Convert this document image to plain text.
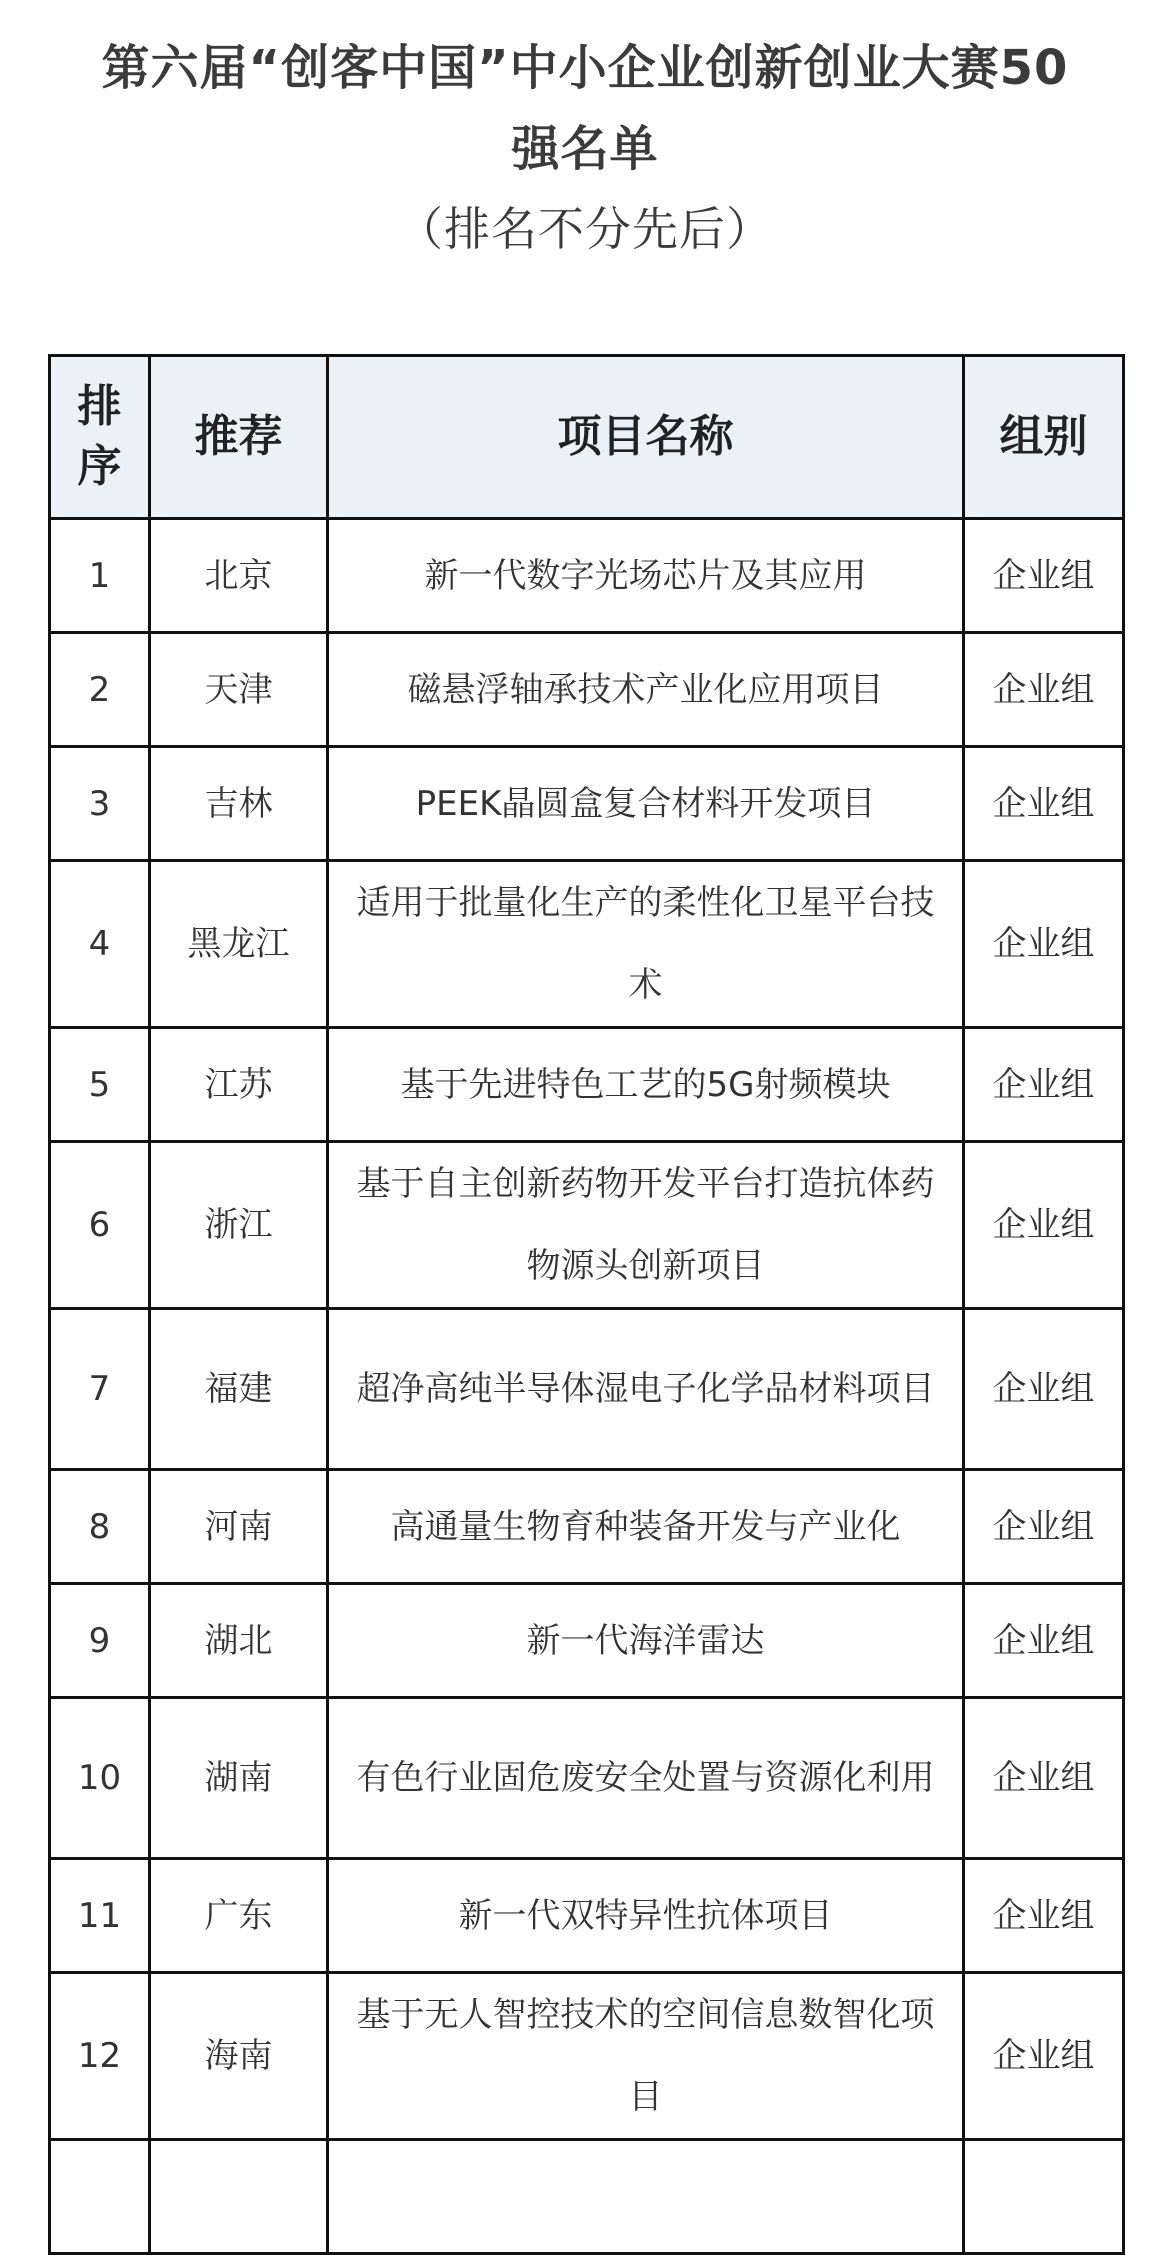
第六届“创客中国”中小企业创新创业大赛50
强名单
（排名不分先后）
排序	推荐	项目名称	组别
1	北京	新一代数字光场芯片及其应用	企业组
2	天津	磁悬浮轴承技术产业化应用项目	企业组
3	吉林	PEEK晶圆盒复合材料开发项目	企业组
4	黑龙江	适用于批量化生产的柔性化卫星平台技术	企业组
5	江苏	基于先进特色工艺的5G射频模块	企业组
6	浙江	基于自主创新药物开发平台打造抗体药物源头创新项目	企业组
7	福建	超净高纯半导体湿电子化学品材料项目	企业组
8	河南	高通量生物育种装备开发与产业化	企业组
9	湖北	新一代海洋雷达	企业组
10	湖南	有色行业固危废安全处置与资源化利用	企业组
11	广东	新一代双特异性抗体项目	企业组
12	海南	基于无人智控技术的空间信息数智化项目	企业组
